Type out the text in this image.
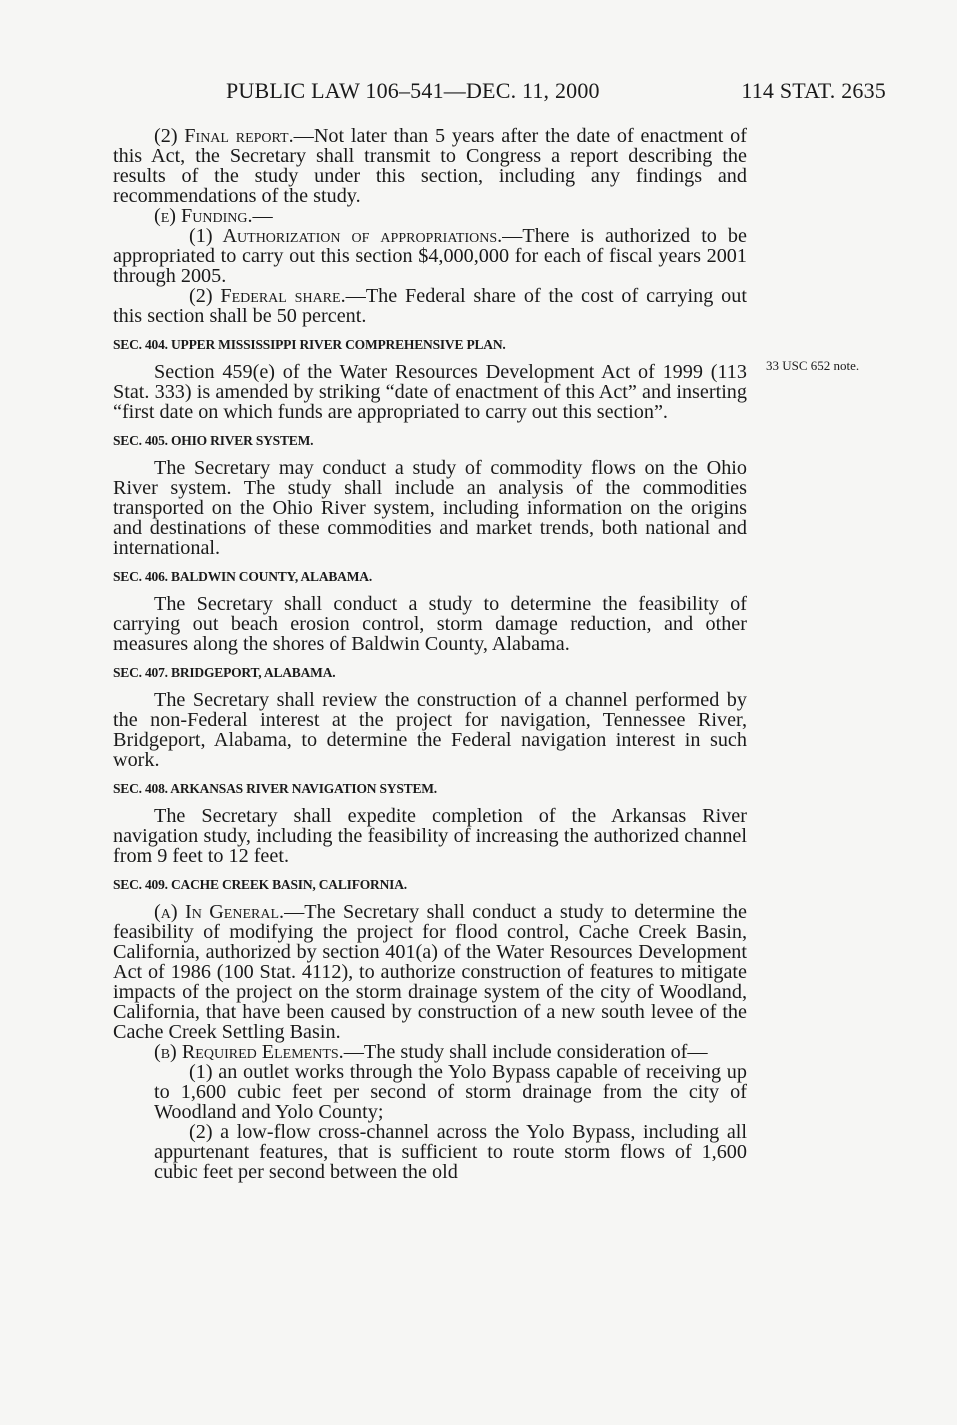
PUBLIC LAW 106–541—DEC. 11, 2000	114 STAT. 2635
33 USC 652 note.

(2) Final report.—Not later than 5 years after the date of enactment of this Act, the Secretary shall transmit to Congress a report describing the results of the study under this section, including any findings and recommendations of the study.

(e) Funding.—

(1) Authorization of appropriations.—There is authorized to be appropriated to carry out this section $4,000,000 for each of fiscal years 2001 through 2005.

(2) Federal share.—The Federal share of the cost of carrying out this section shall be 50 percent.

SEC. 404. UPPER MISSISSIPPI RIVER COMPREHENSIVE PLAN.

Section 459(e) of the Water Resources Development Act of 1999 (113 Stat. 333) is amended by striking “date of enactment of this Act” and inserting “first date on which funds are appropriated to carry out this section”.

SEC. 405. OHIO RIVER SYSTEM.

The Secretary may conduct a study of commodity flows on the Ohio River system. The study shall include an analysis of the commodities transported on the Ohio River system, including information on the origins and destinations of these commodities and market trends, both national and international.

SEC. 406. BALDWIN COUNTY, ALABAMA.

The Secretary shall conduct a study to determine the feasibility of carrying out beach erosion control, storm damage reduction, and other measures along the shores of Baldwin County, Alabama.

SEC. 407. BRIDGEPORT, ALABAMA.

The Secretary shall review the construction of a channel performed by the non-Federal interest at the project for navigation, Tennessee River, Bridgeport, Alabama, to determine the Federal navigation interest in such work.

SEC. 408. ARKANSAS RIVER NAVIGATION SYSTEM.

The Secretary shall expedite completion of the Arkansas River navigation study, including the feasibility of increasing the authorized channel from 9 feet to 12 feet.

SEC. 409. CACHE CREEK BASIN, CALIFORNIA.

(a) In General.—The Secretary shall conduct a study to determine the feasibility of modifying the project for flood control, Cache Creek Basin, California, authorized by section 401(a) of the Water Resources Development Act of 1986 (100 Stat. 4112), to authorize construction of features to mitigate impacts of the project on the storm drainage system of the city of Woodland, California, that have been caused by construction of a new south levee of the Cache Creek Settling Basin.

(b) Required Elements.—The study shall include consideration of—

(1) an outlet works through the Yolo Bypass capable of receiving up to 1,600 cubic feet per second of storm drainage from the city of Woodland and Yolo County;

(2) a low-flow cross-channel across the Yolo Bypass, including all appurtenant features, that is sufficient to route storm flows of 1,600 cubic feet per second between the old
